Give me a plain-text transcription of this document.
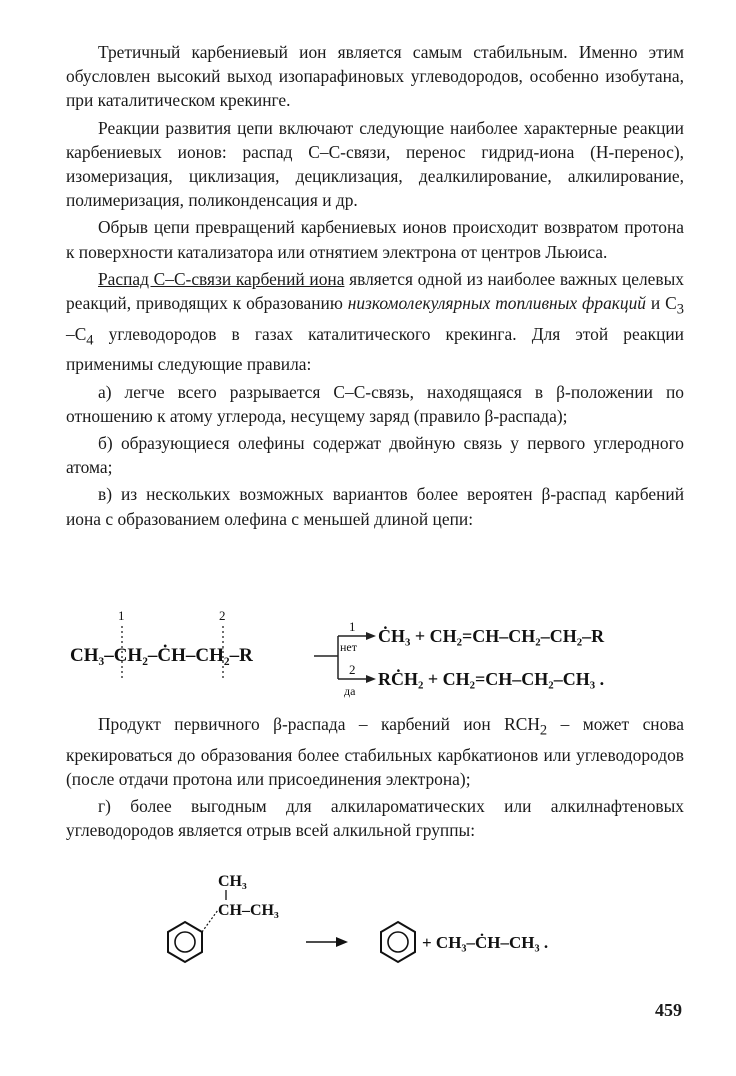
Третичный карбениевый ион является самым стабильным. Именно этим обусловлен высокий выход изопарафиновых углеводородов, особенно изобутана, при каталитическом крекинге.

Реакции развития цепи включают следующие наиболее характерные реакции карбениевых ионов: распад С–С-связи, перенос гидрид-иона (Н-перенос), изомеризация, циклизация, дециклизация, деалкилирование, алкилирование, полимеризация, поликонденсация и др.

Обрыв цепи превращений карбениевых ионов происходит возвратом протона к поверхности катализатора или отнятием электрона от центров Льюиса.

Распад С–С-связи карбений иона является одной из наиболее важных целевых реакций, приводящих к образованию низкомолекулярных топливных фракций и $С_3$ $-С_4$ углеводородов в газах каталитического крекинга. Для этой реакции применимы следующие правила:

а) легче всего разрывается С–С-связь, находящаяся в β-положении по отношению к атому углерода, несущему заряд (правило β-распада);

б) образующиеся олефины содержат двойную связь у первого углеродного атома;

в) из нескольких возможных вариантов более вероятен β-распад карбений иона с образованием олефина с меньшей длиной цепи:

1	2
CH₃–CH₂–ĊH–CH₂–R
1
нет
ĊH₃ + CH₂=CH–CH₂–CH₂–R
2
да
RĊH₂ + CH₂=CH–CH₂–CH₃ .

Продукт первичного β-распада – карбений ион $RСH_2$ – может снова крекироваться до образования более стабильных карбкатионов или углеводородов (после отдачи протона или присоединения электрона);

г) более выгодным для алкилароматических или алкилнафтеновых углеводородов является отрыв всей алкильной группы:

CH₃
CH–CH₃
+ CH₃–ĊH–CH₃ .
459
